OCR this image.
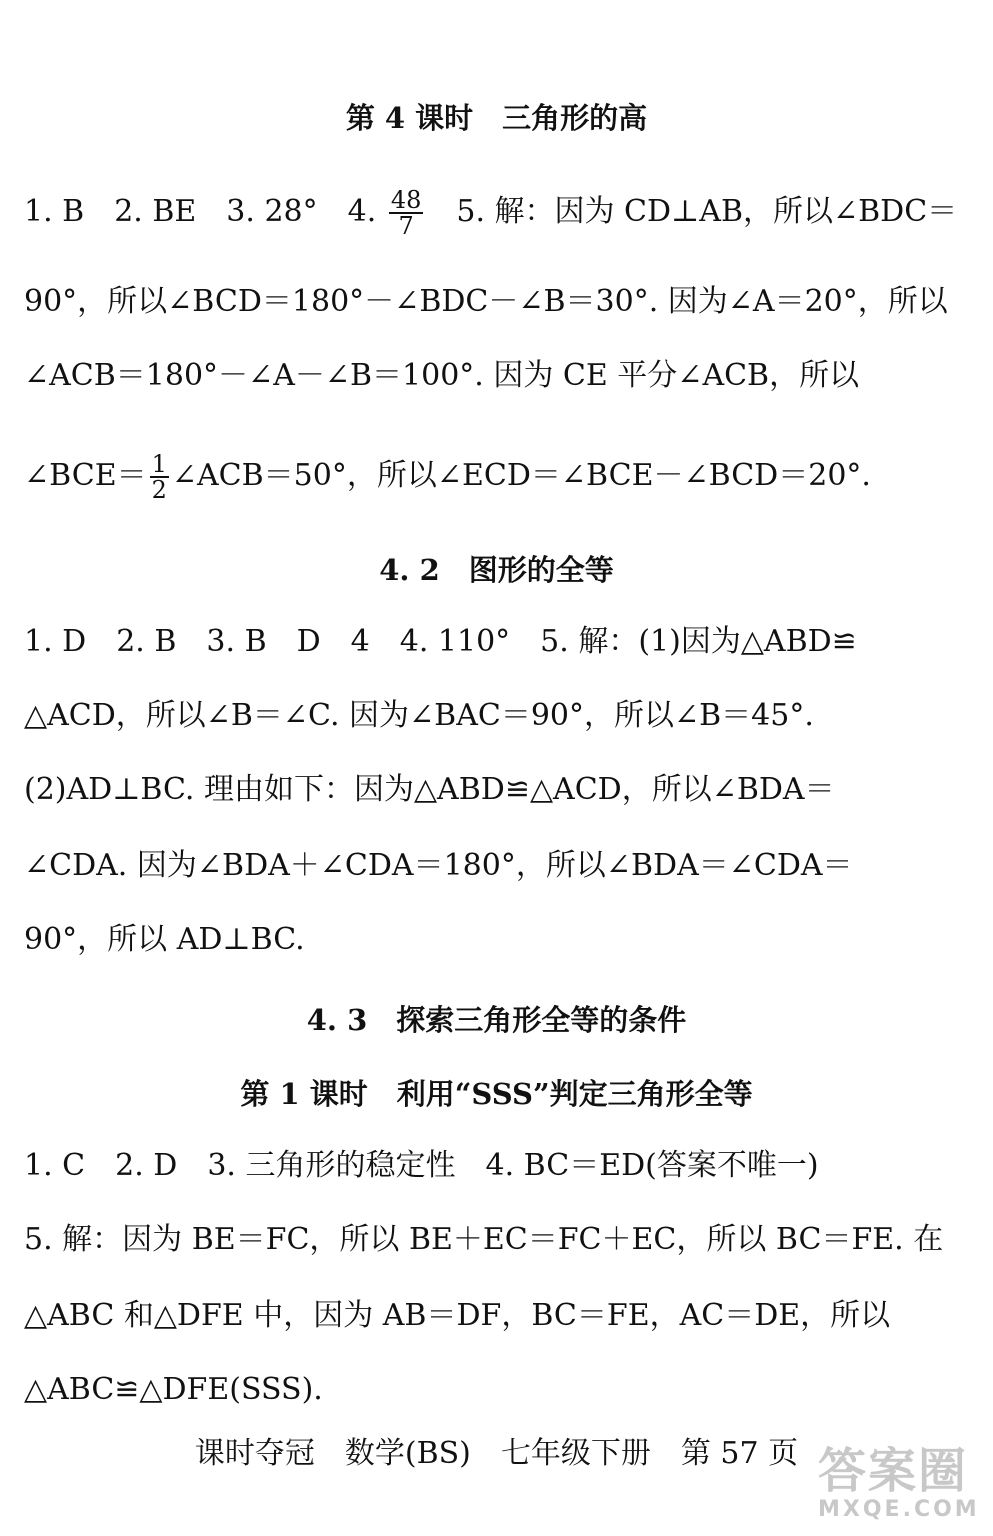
第 4 课时　三角形的高
1. B　2. BE　3. 28°　4. $\frac{48}{7}$ 　5. 解：因为 CD⊥AB，所以∠BDC＝
90°，所以∠BCD＝180°－∠BDC－∠B＝30°. 因为∠A＝20°，所以
∠ACB＝180°－∠A－∠B＝100°. 因为 CE 平分∠ACB，所以
∠BCE＝ $\frac{1}{2}$ ∠ACB＝50°，所以∠ECD＝∠BCE－∠BCD＝20°.
4. 2　图形的全等
1. D　2. B　3. B　D　4　4. 110°　5. 解：(1)因为△ABD≌
△ACD，所以∠B＝∠C. 因为∠BAC＝90°，所以∠B＝45°.
(2)AD⊥BC. 理由如下：因为△ABD≌△ACD，所以∠BDA＝
∠CDA. 因为∠BDA＋∠CDA＝180°，所以∠BDA＝∠CDA＝
90°，所以 AD⊥BC.
4. 3　探索三角形全等的条件
第 1 课时　利用“SSS”判定三角形全等
1. C　2. D　3. 三角形的稳定性　4. BC＝ED(答案不唯一)
5. 解：因为 BE＝FC，所以 BE＋EC＝FC＋EC，所以 BC＝FE. 在
△ABC 和△DFE 中，因为 AB＝DF，BC＝FE，AC＝DE，所以
△ABC≌△DFE(SSS).
课时夺冠　数学(BS)　七年级下册　第 57 页 答案圈
MXQE.COM
